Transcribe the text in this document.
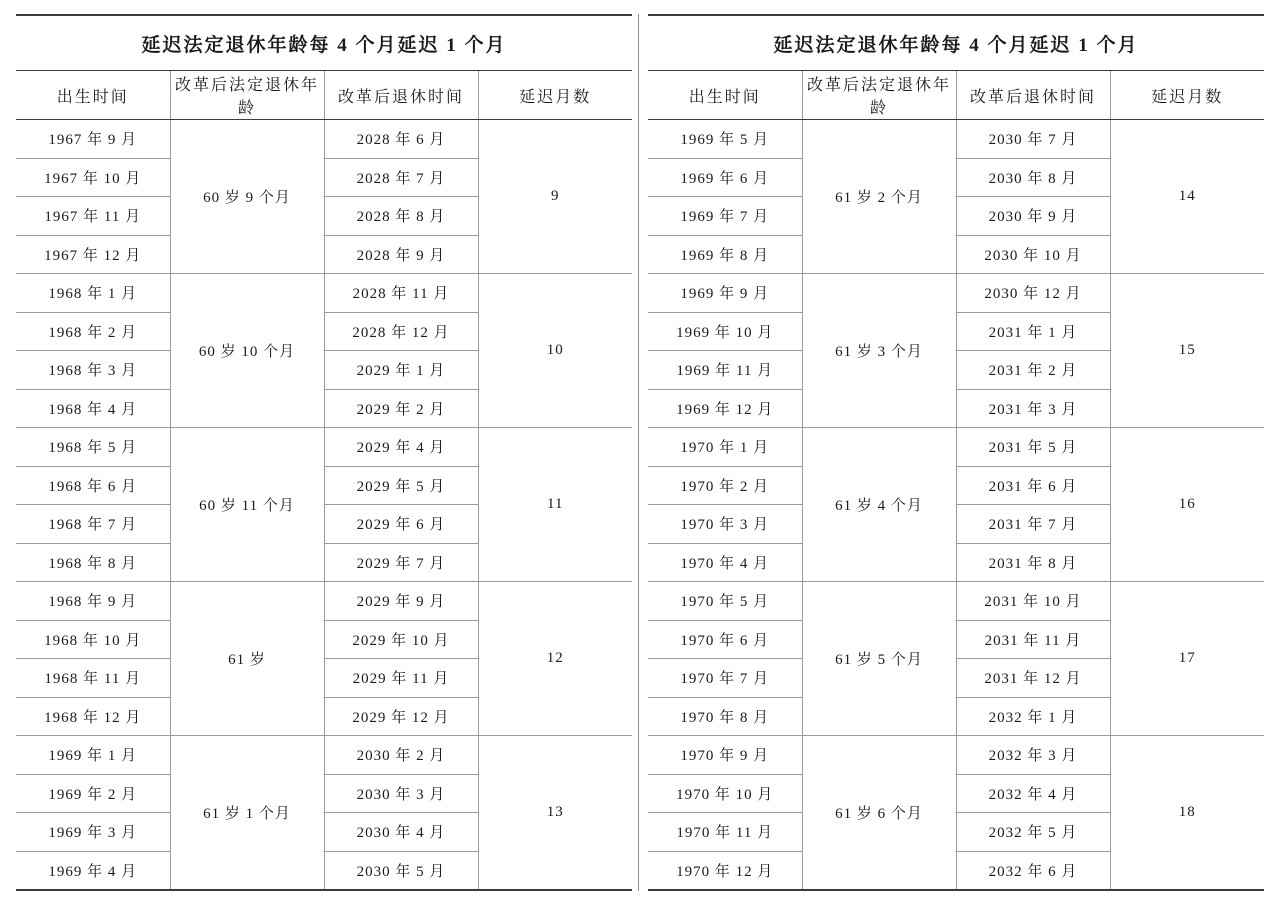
延迟法定退休年龄每 4 个月延迟 1 个月			
出生时间	改革后法定退休年龄	改革后退休时间	延迟月数
1967 年 9 月	60 岁 9 个月	2028 年 6 月	9
1967 年 10 月		2028 年 7 月	
1967 年 11 月		2028 年 8 月	
1967 年 12 月		2028 年 9 月	
1968 年 1 月	60 岁 10 个月	2028 年 11 月	10
1968 年 2 月		2028 年 12 月	
1968 年 3 月		2029 年 1 月	
1968 年 4 月		2029 年 2 月	
1968 年 5 月	60 岁 11 个月	2029 年 4 月	11
1968 年 6 月		2029 年 5 月	
1968 年 7 月		2029 年 6 月	
1968 年 8 月		2029 年 7 月	
1968 年 9 月	61 岁	2029 年 9 月	12
1968 年 10 月		2029 年 10 月	
1968 年 11 月		2029 年 11 月	
1968 年 12 月		2029 年 12 月	
1969 年 1 月	61 岁 1 个月	2030 年 2 月	13
1969 年 2 月		2030 年 3 月	
1969 年 3 月		2030 年 4 月	
1969 年 4 月		2030 年 5 月	
延迟法定退休年龄每 4 个月延迟 1 个月			
出生时间	改革后法定退休年龄	改革后退休时间	延迟月数
1969 年 5 月	61 岁 2 个月	2030 年 7 月	14
1969 年 6 月		2030 年 8 月	
1969 年 7 月		2030 年 9 月	
1969 年 8 月		2030 年 10 月	
1969 年 9 月	61 岁 3 个月	2030 年 12 月	15
1969 年 10 月		2031 年 1 月	
1969 年 11 月		2031 年 2 月	
1969 年 12 月		2031 年 3 月	
1970 年 1 月	61 岁 4 个月	2031 年 5 月	16
1970 年 2 月		2031 年 6 月	
1970 年 3 月		2031 年 7 月	
1970 年 4 月		2031 年 8 月	
1970 年 5 月	61 岁 5 个月	2031 年 10 月	17
1970 年 6 月		2031 年 11 月	
1970 年 7 月		2031 年 12 月	
1970 年 8 月		2032 年 1 月	
1970 年 9 月	61 岁 6 个月	2032 年 3 月	18
1970 年 10 月		2032 年 4 月	
1970 年 11 月		2032 年 5 月	
1970 年 12 月		2032 年 6 月	
